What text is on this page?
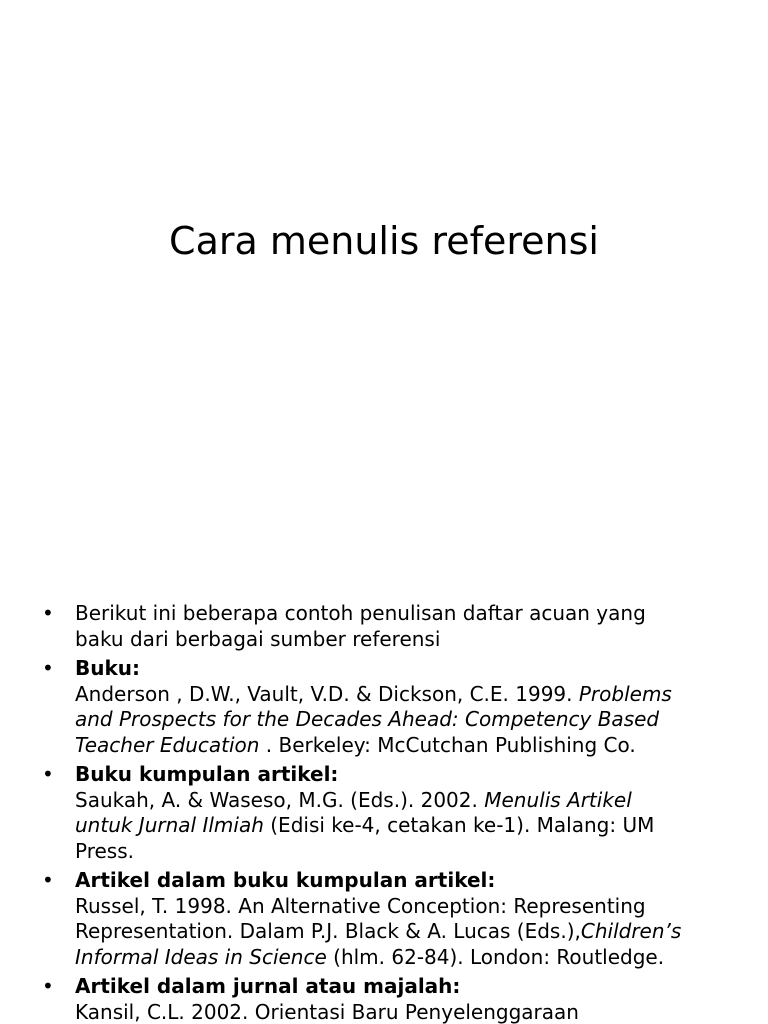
Cara menulis referensi
•	Berikut ini beberapa contoh penulisan daftar acuan yang
baku dari berbagai sumber referensi
•	Buku:
Anderson , D.W., Vault, V.D. & Dickson, C.E. 1999. Problems
and Prospects for the Decades Ahead: Competency Based
Teacher Education . Berkeley: McCutchan Publishing Co.
•	Buku kumpulan artikel:
Saukah, A. & Waseso, M.G. (Eds.). 2002. Menulis Artikel
untuk Jurnal Ilmiah (Edisi ke-4, cetakan ke-1). Malang: UM
Press.
•	Artikel dalam buku kumpulan artikel:
Russel, T. 1998. An Alternative Conception: Representing
Representation. Dalam P.J. Black & A. Lucas (Eds.),Children’s
Informal Ideas in Science (hlm. 62-84). London: Routledge.
•	Artikel dalam jurnal atau majalah:
Kansil, C.L. 2002. Orientasi Baru Penyelenggaraan
